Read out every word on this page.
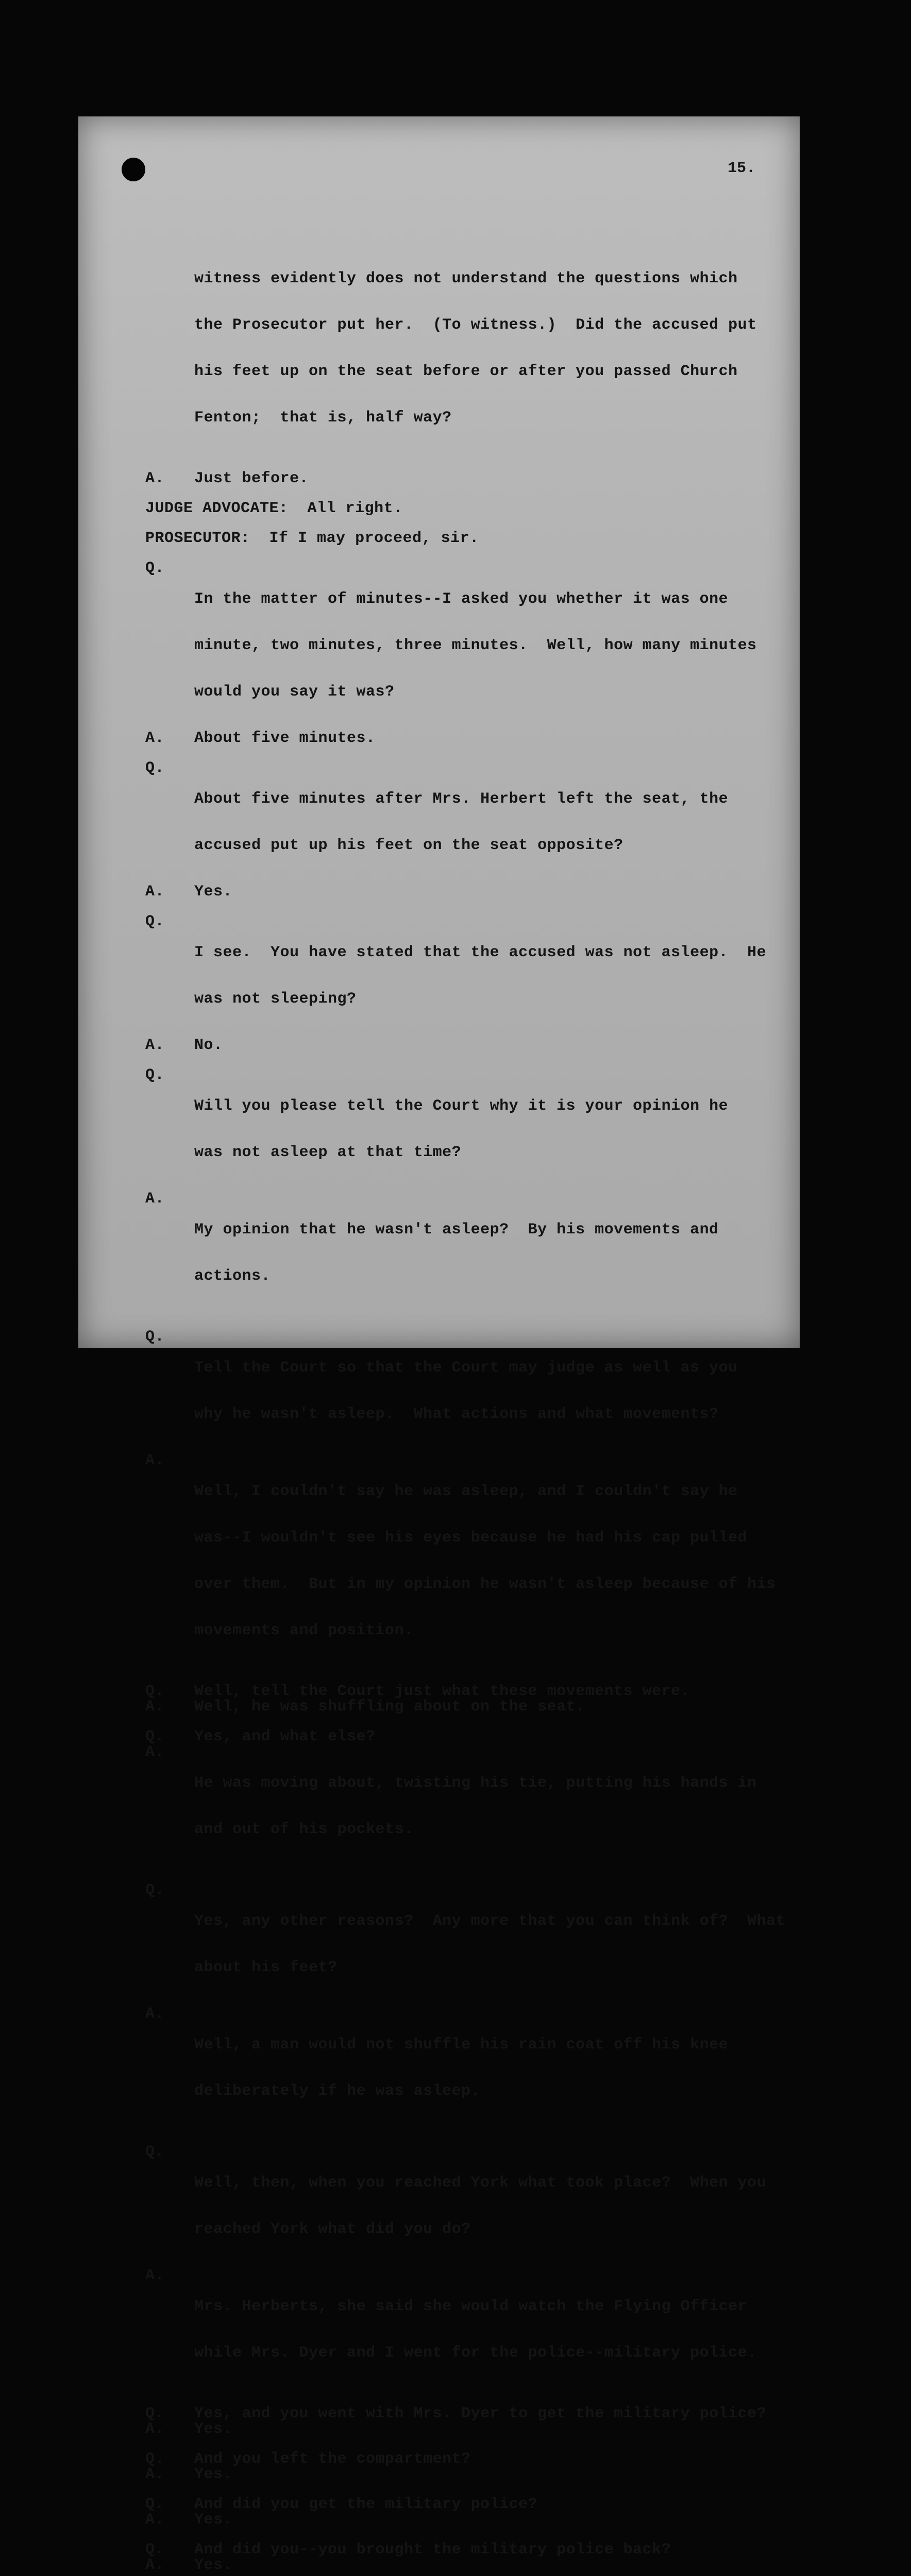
15.

witness evidently does not understand the questions which

the Prosecutor put her.  (To witness.)  Did the accused put

his feet up on the seat before or after you passed Church

Fenton;  that is, half way?

A.	Just before.
JUDGE ADVOCATE:  All right.
PROSECUTOR:  If I may proceed, sir.
Q.

In the matter of minutes--I asked you whether it was one

minute, two minutes, three minutes.  Well, how many minutes

would you say it was?

A.	About five minutes.
Q.

About five minutes after Mrs. Herbert left the seat, the

accused put up his feet on the seat opposite?

A.	Yes.
Q.

I see.  You have stated that the accused was not asleep.  He

was not sleeping?

A.	No.
Q.

Will you please tell the Court why it is your opinion he

was not asleep at that time?

A.

My opinion that he wasn't asleep?  By his movements and

actions.

Q.

Tell the Court so that the Court may judge as well as you

why he wasn't asleep.  What actions and what movements?

A.

Well, I couldn't say he was asleep, and I couldn't say he

was--I wouldn't see his eyes because he had his cap pulled

over them.  But in my opinion he wasn't asleep because of his

movements and position.

Q.	Well, tell the Court just what these movements were.
A.	Well, he was shuffling about on the seat.
Q.	Yes, and what else?
A.

He was moving about, twisting his tie, putting his hands in

and out of his pockets.

Q.

Yes, any other reasons?  Any more that you can think of?  What

about his feet?

A.

Well, a man would not shuffle his rain coat off his knee

deliberately if he was asleep.

Q.

Well, then, when you reached York what took place?  When you

reached York what did you do?

A.

Mrs. Herberts, she said she would watch the Flying Officer

while Mrs. Dyer and I went for the police--military police.

Q.	Yes, and you went with Mrs. Dyer to get the military police?
A.	Yes.
Q.	And you left the compartment?
A.	Yes.
Q.	And did you get the military police?
A.	Yes.
Q.	And did you--you brought the military police back?
A.	Yes.
